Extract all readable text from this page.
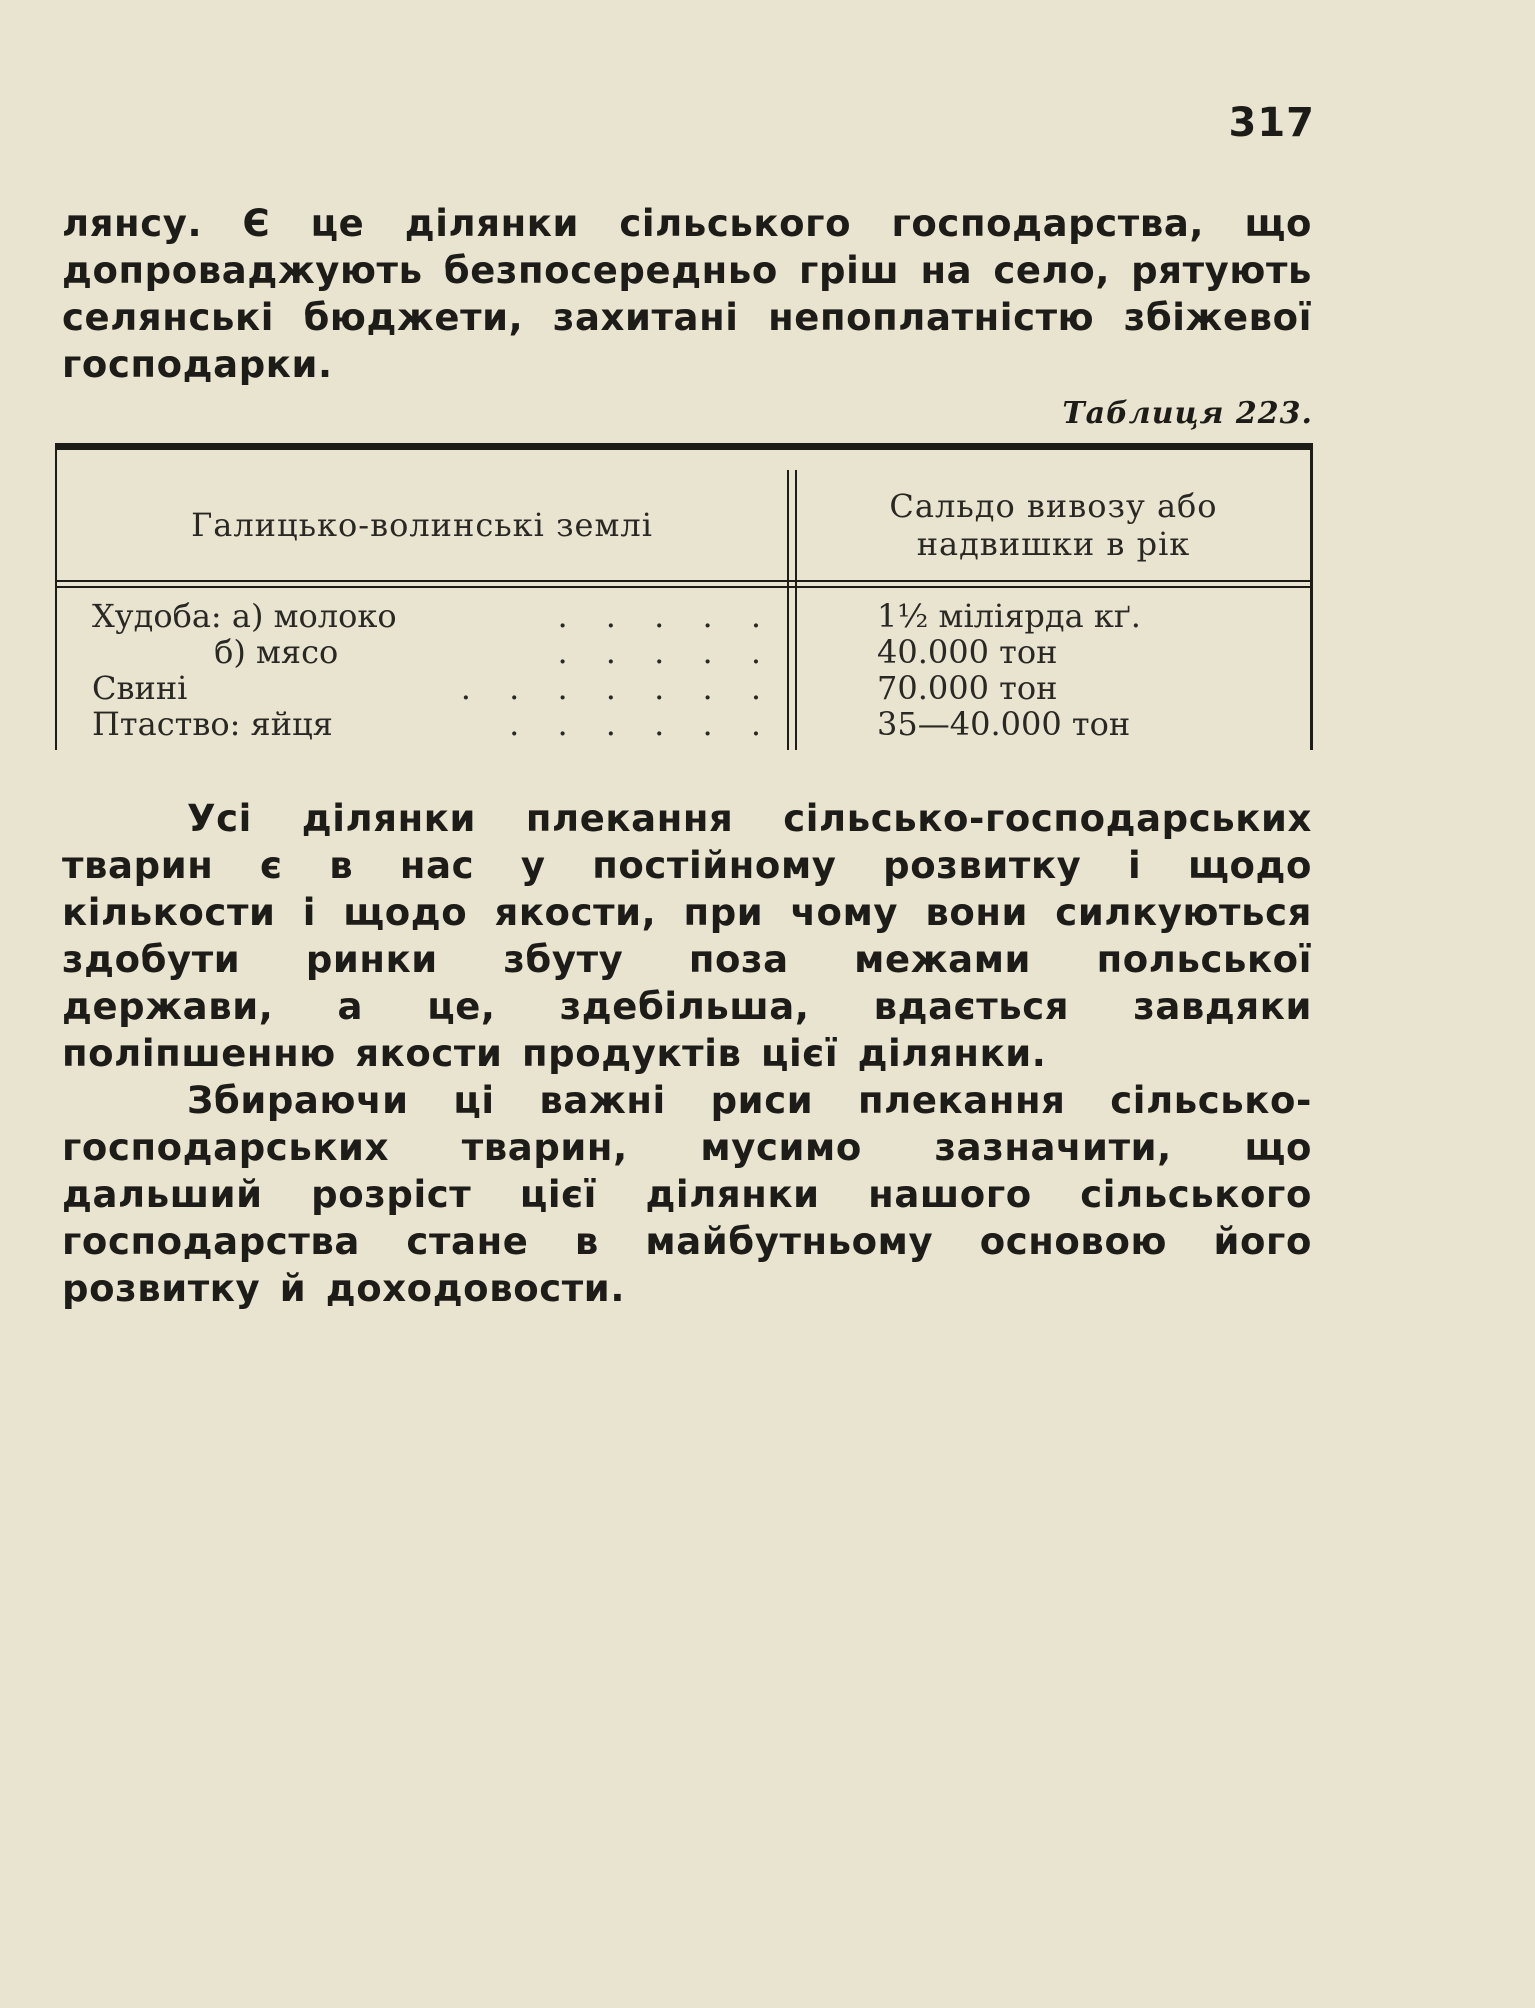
317

лянсу. Є це ділянки сільського господарства, що допроваджують безпосередньо гріш на село, рятують селянські бюджети, захитані непоплатністю збіжевої господарки.

Таблиця 223.
Галицько-волинські землі	Сальдо вивозу або
надвишки в рік
Худоба: а) молоко	. . . . .	1½ міліярда кґ.
б) мясо	. . . . .	40.000 тон
Свині	. . . . . . .	70.000 тон
Птаство: яйця	. . . . . .	35—40.000 тон

Усі ділянки плекання сільсько-господарських тварин є в нас у постійному розвитку і щодо кількости і щодо якости, при чому вони силкуються здобути ринки збуту поза межами польської держави, а це, здебільша, вдається завдяки поліпшенню якости продуктів цієї ділянки.

Збираючи ці важні риси плекання сільсько-господарських тварин, мусимо зазначити, що дальший розріст цієї ділянки нашого сільського господарства стане в майбутньому основою його розвитку й доходовости.
